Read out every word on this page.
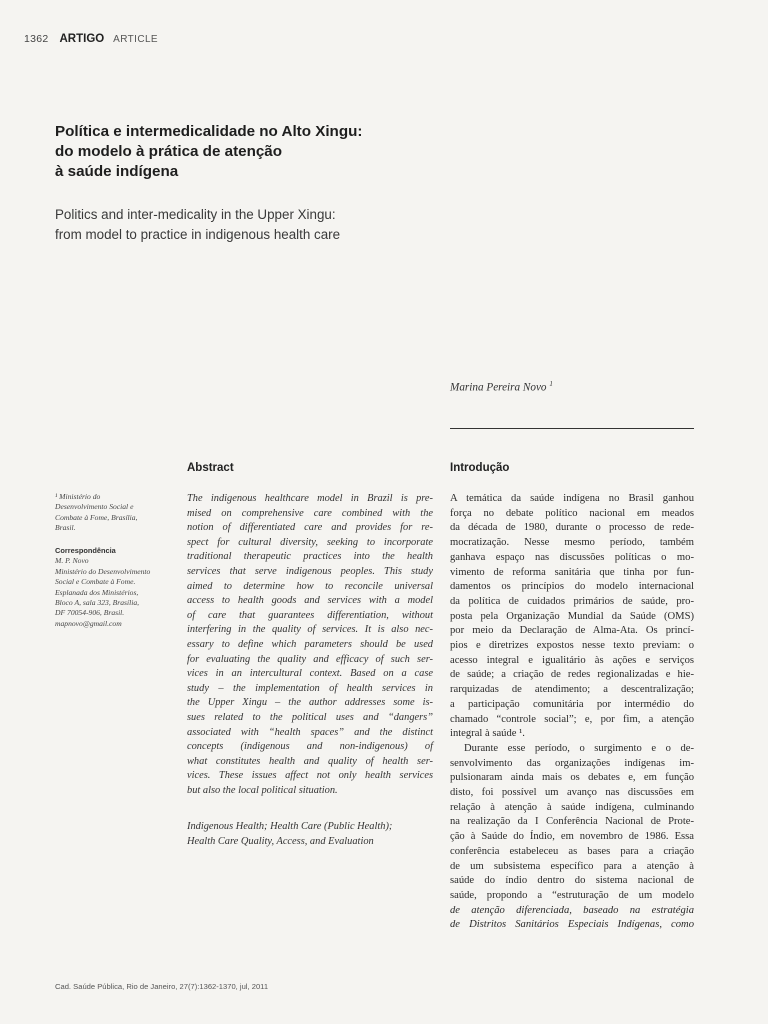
1362 ARTIGO ARTICLE
Política e intermedicalidade no Alto Xingu:
do modelo à prática de atenção
à saúde indígena
Politics and inter-medicality in the Upper Xingu:
from model to practice in indigenous health care
Marina Pereira Novo $^1$
Abstract	Introdução
¹ Ministério do
Desenvolvimento Social e
Combate à Fome, Brasília,
Brasil.
Correspondência
M. P. Novo
Ministério do Desenvolvimento
Social e Combate à Fome.
Esplanada dos Ministérios,
Bloco A, sala 323, Brasília,
DF 70054-906, Brasil.
mapnovo@gmail.com
The indigenous healthcare model in Brazil is pre-
mised on comprehensive care combined with the
notion of differentiated care and provides for re-
spect for cultural diversity, seeking to incorporate
traditional therapeutic practices into the health
services that serve indigenous peoples. This study
aimed to determine how to reconcile universal
access to health goods and services with a model
of care that guarantees differentiation, without
interfering in the quality of services. It is also nec-
essary to define which parameters should be used
for evaluating the quality and efficacy of such ser-
vices in an intercultural context. Based on a case
study – the implementation of health services in
the Upper Xingu – the author addresses some is-
sues related to the political uses and “dangers”
associated with “health spaces” and the distinct
concepts (indigenous and non-indigenous) of
what constitutes health and quality of health ser-
vices. These issues affect not only health services
but also the local political situation.
Indigenous Health; Health Care (Public Health);
Health Care Quality, Access, and Evaluation
A temática da saúde indígena no Brasil ganhou
força no debate político nacional em meados
da década de 1980, durante o processo de rede-
mocratização. Nesse mesmo período, também
ganhava espaço nas discussões políticas o mo-
vimento de reforma sanitária que tinha por fun-
damentos os princípios do modelo internacional
da política de cuidados primários de saúde, pro-
posta pela Organização Mundial da Saúde (OMS)
por meio da Declaração de Alma-Ata. Os princí-
pios e diretrizes expostos nesse texto previam: o
acesso integral e igualitário às ações e serviços
de saúde; a criação de redes regionalizadas e hie-
rarquizadas de atendimento; a descentralização;
a participação comunitária por intermédio do
chamado “controle social”; e, por fim, a atenção
integral à saúde ¹.
Durante esse período, o surgimento e o de-
senvolvimento das organizações indígenas im-
pulsionaram ainda mais os debates e, em função
disto, foi possível um avanço nas discussões em
relação à atenção à saúde indígena, culminando
na realização da I Conferência Nacional de Prote-
ção à Saúde do Índio, em novembro de 1986. Essa
conferência estabeleceu as bases para a criação
de um subsistema específico para a atenção à
saúde do índio dentro do sistema nacional de
saúde, propondo a “estruturação de um modelo
de atenção diferenciada, baseado na estratégia
de Distritos Sanitários Especiais Indígenas, como
Cad. Saúde Pública, Rio de Janeiro, 27(7):1362-1370, jul, 2011
